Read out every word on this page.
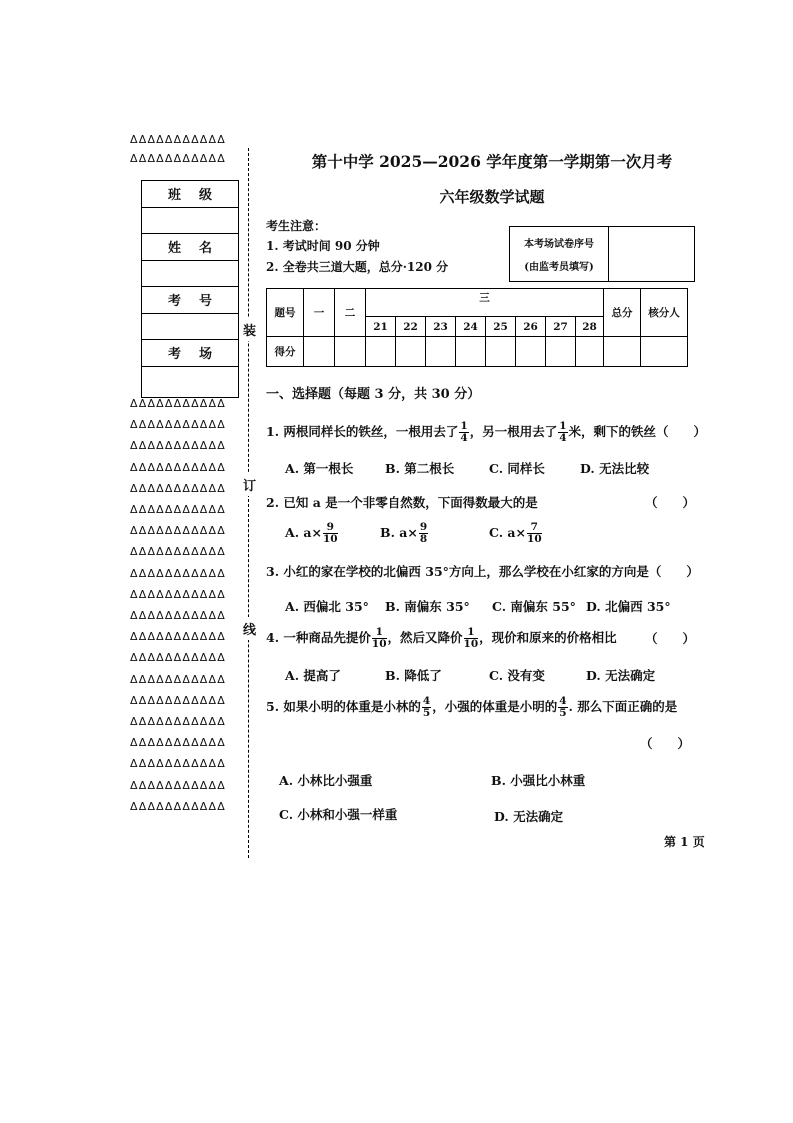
ΔΔΔΔΔΔΔΔΔΔΔ
ΔΔΔΔΔΔΔΔΔΔΔ
班级
姓名
考号
考场
ΔΔΔΔΔΔΔΔΔΔΔ
ΔΔΔΔΔΔΔΔΔΔΔ
ΔΔΔΔΔΔΔΔΔΔΔ
ΔΔΔΔΔΔΔΔΔΔΔ
ΔΔΔΔΔΔΔΔΔΔΔ
ΔΔΔΔΔΔΔΔΔΔΔ
ΔΔΔΔΔΔΔΔΔΔΔ
ΔΔΔΔΔΔΔΔΔΔΔ
ΔΔΔΔΔΔΔΔΔΔΔ
ΔΔΔΔΔΔΔΔΔΔΔ
ΔΔΔΔΔΔΔΔΔΔΔ
ΔΔΔΔΔΔΔΔΔΔΔ
ΔΔΔΔΔΔΔΔΔΔΔ
ΔΔΔΔΔΔΔΔΔΔΔ
ΔΔΔΔΔΔΔΔΔΔΔ
ΔΔΔΔΔΔΔΔΔΔΔ
ΔΔΔΔΔΔΔΔΔΔΔ
ΔΔΔΔΔΔΔΔΔΔΔ
ΔΔΔΔΔΔΔΔΔΔΔ
ΔΔΔΔΔΔΔΔΔΔΔ
装
订
线
第十中学 2025—2026 学年度第一学期第一次月考
六年级数学试题
考生注意：
1. 考试时间 90 分钟
2. 全卷共三道大题，总分·120 分
本考场试卷序号
(由监考员填写)
题号	一	二	三								总分	核分人
			21	22	23	24	25	26	27	28		
得分												
一、选择题（每题 3 分，共 30 分）
1. 两根同样长的铁丝，一根用去了 $\frac{1}{4}$ ，另一根用去了 $\frac{1}{4}$ 米，剩下的铁丝（　　）
A. 第一根长	B. 第二根长	C. 同样长	D. 无法比较
2. 已知 a 是一个非零自然数，下面得数最大的是	（　　）
A. $a\times \frac{9}{10}$	B. $a\times \frac{9}{8}$	C. $a\times \frac{7}{10}$
3. 小红的家在学校的北偏西 35°方向上，那么学校在小红家的方向是（　　）
A. 西偏北 35° B. 南偏东 35° C. 南偏东 55° D. 北偏西 35°
4. 一种商品先提价 $\frac{1}{10}$ ，然后又降价 $\frac{1}{10}$ ，现价和原来的价格相比 （　　）
A. 提高了	B. 降低了	C. 没有变	D. 无法确定
5. 如果小明的体重是小林的 $\frac{4}{5}$ ，小强的体重是小明的 $\frac{4}{5}$ . 那么下面正确的是
（　　）
A. 小林比小强重	B. 小强比小林重
C. 小林和小强一样重	D. 无法确定
第 1 页
